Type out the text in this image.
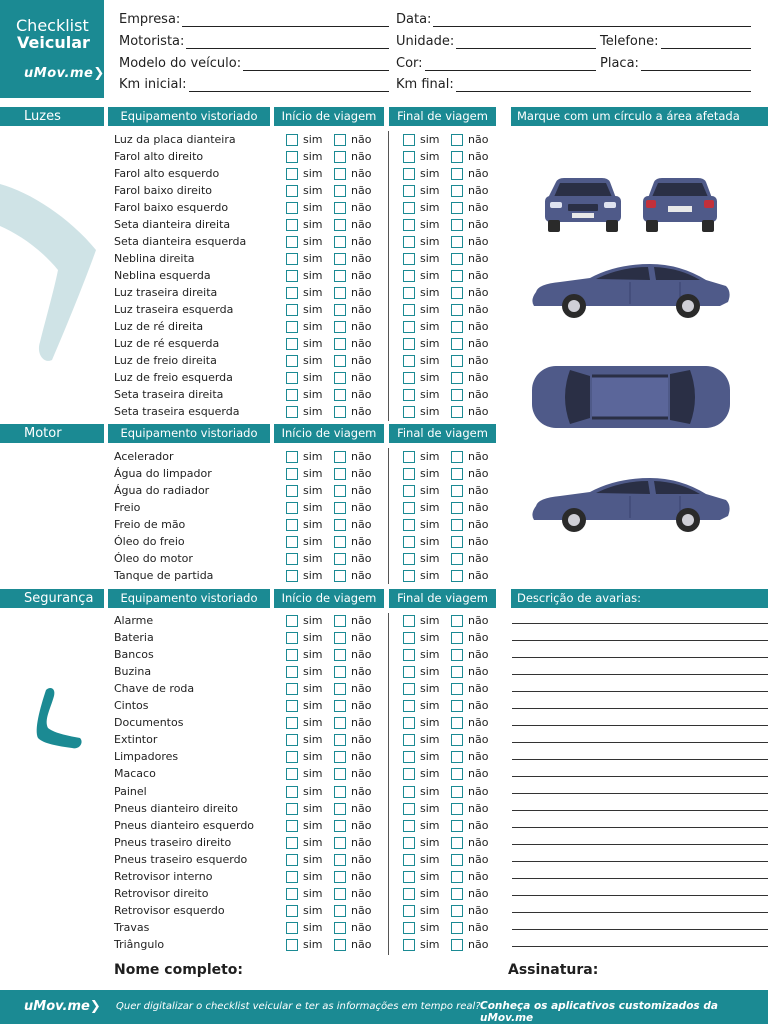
Checklist
Veicular
uMov.me❯
Empresa:	Data:
Motorista:	Unidade:	Telefone:
Modelo do veículo:	Cor:	Placa:
Km inicial:	Km final:
Luzes	Equipamento vistoriado	Início de viagem	Final de viagem	Marque com um círculo a área afetada
Motor	Equipamento vistoriado	Início de viagem	Final de viagem
Segurança	Equipamento vistoriado	Início de viagem	Final de viagem	Descrição de avarias:
Luz da placa dianteira	sim	não	sim	não
Farol alto direito	sim	não	sim	não
Farol alto esquerdo	sim	não	sim	não
Farol baixo direito	sim	não	sim	não
Farol baixo esquerdo	sim	não	sim	não
Seta dianteira direita	sim	não	sim	não
Seta dianteira esquerda	sim	não	sim	não
Neblina direita	sim	não	sim	não
Neblina esquerda	sim	não	sim	não
Luz traseira direita	sim	não	sim	não
Luz traseira esquerda	sim	não	sim	não
Luz de ré direita	sim	não	sim	não
Luz de ré esquerda	sim	não	sim	não
Luz de freio direita	sim	não	sim	não
Luz de freio esquerda	sim	não	sim	não
Seta traseira direita	sim	não	sim	não
Seta traseira esquerda	sim	não	sim	não
Acelerador	sim	não	sim	não
Água do limpador	sim	não	sim	não
Água do radiador	sim	não	sim	não
Freio	sim	não	sim	não
Freio de mão	sim	não	sim	não
Óleo do freio	sim	não	sim	não
Óleo do motor	sim	não	sim	não
Tanque de partida	sim	não	sim	não
Alarme	sim	não	sim	não
Bateria	sim	não	sim	não
Bancos	sim	não	sim	não
Buzina	sim	não	sim	não
Chave de roda	sim	não	sim	não
Cintos	sim	não	sim	não
Documentos	sim	não	sim	não
Extintor	sim	não	sim	não
Limpadores	sim	não	sim	não
Macaco	sim	não	sim	não
Painel	sim	não	sim	não
Pneus dianteiro direito	sim	não	sim	não
Pneus dianteiro esquerdo	sim	não	sim	não
Pneus traseiro direito	sim	não	sim	não
Pneus traseiro esquerdo	sim	não	sim	não
Retrovisor interno	sim	não	sim	não
Retrovisor direito	sim	não	sim	não
Retrovisor esquerdo	sim	não	sim	não
Travas	sim	não	sim	não
Triângulo	sim	não	sim	não
Nome completo:	Assinatura:
uMov.me❯ Quer digitalizar o checklist veicular e ter as informações em tempo real? Conheça os aplicativos customizados da uMov.me
